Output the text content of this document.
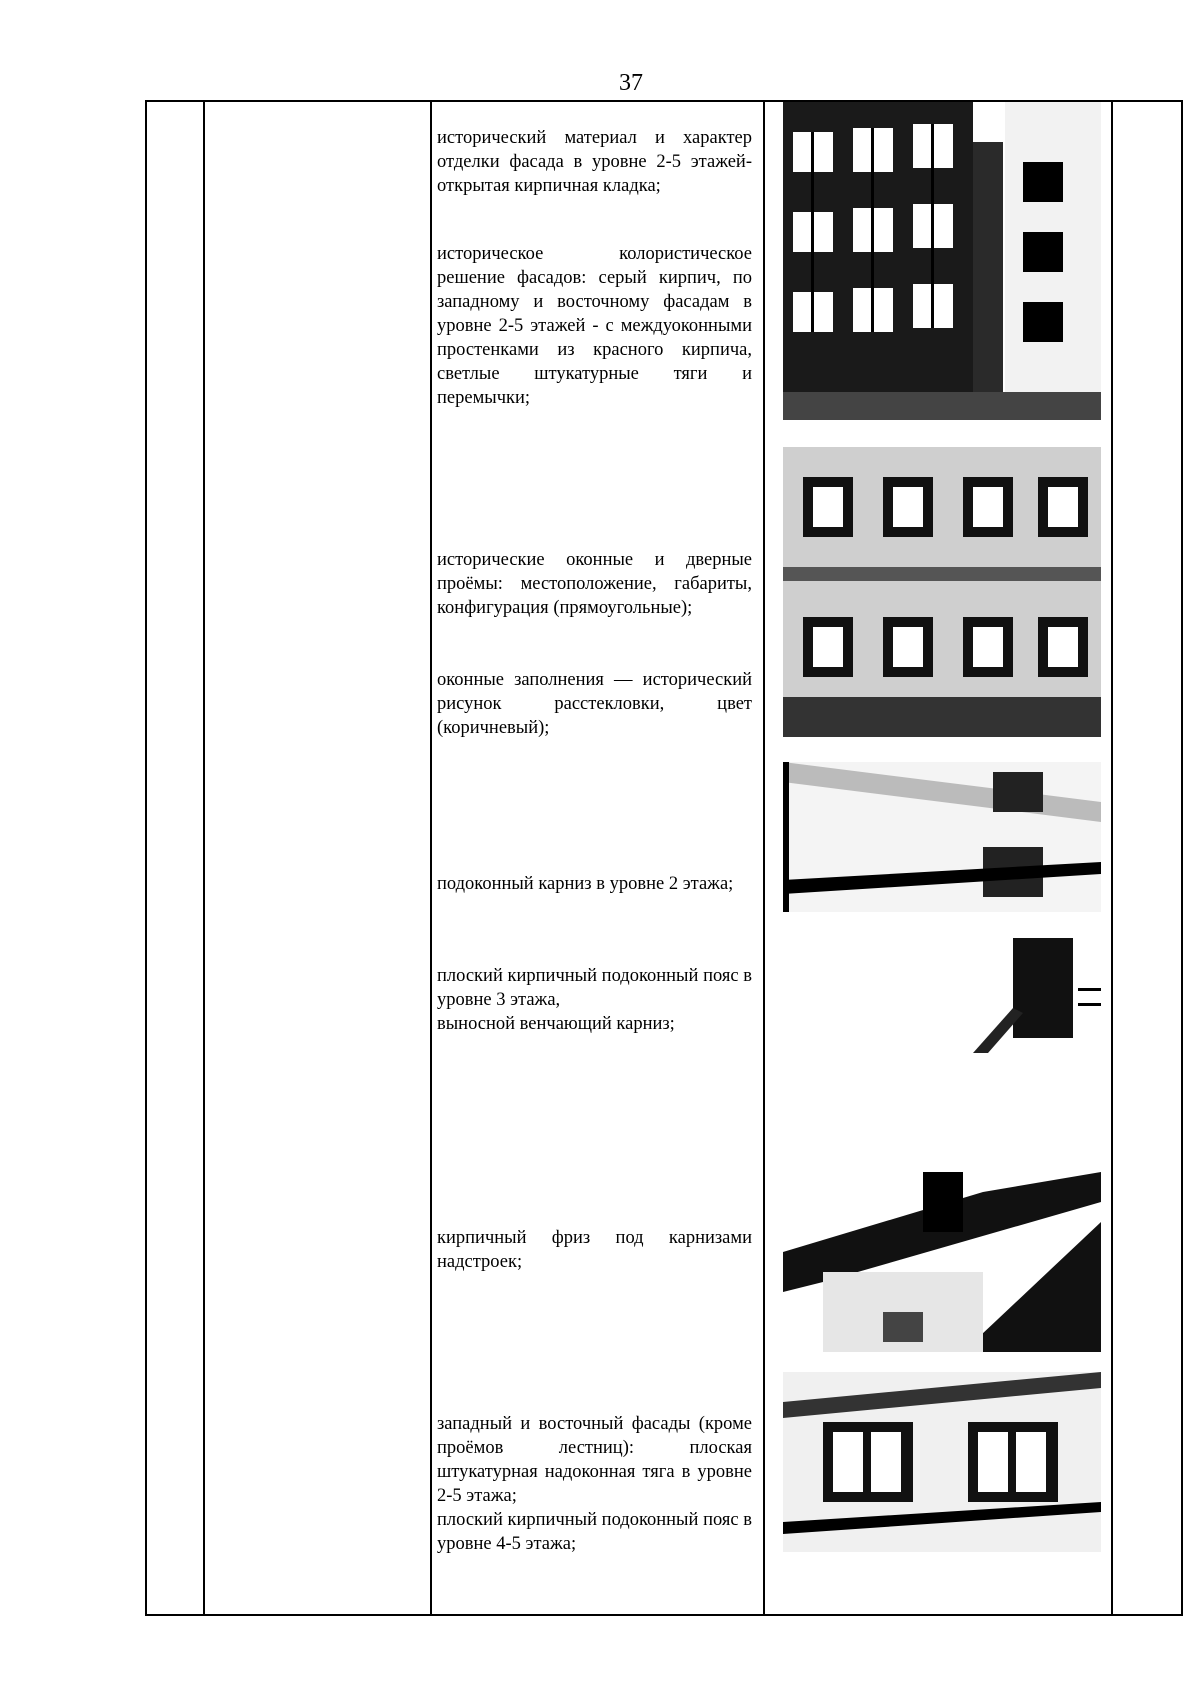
37

исторический материал и характер отделки фасада в уровне 2-5 этажей- открытая кирпичная кладка;

историческое колористическое решение фасадов: серый кирпич, по западному и восточному фасадам в уровне 2-5 этажей - с междуоконными простенками из красного кирпича, светлые штукатурные тяги и перемычки;

исторические оконные и дверные проёмы: местоположение, габариты, конфигурация (прямоугольные);

оконные заполнения — исторический рисунок расстекловки, цвет (коричневый);

подоконный карниз в уровне 2 этажа;

плоский кирпичный подоконный пояс в уровне 3 этажа,

выносной венчающий карниз;

кирпичный фриз под карнизами надстроек;

западный и восточный фасады (кроме проёмов лестниц): плоская штукатурная надоконная тяга в уровне 2-5 этажа;

плоский кирпичный подоконный пояс в уровне 4-5 этажа;
